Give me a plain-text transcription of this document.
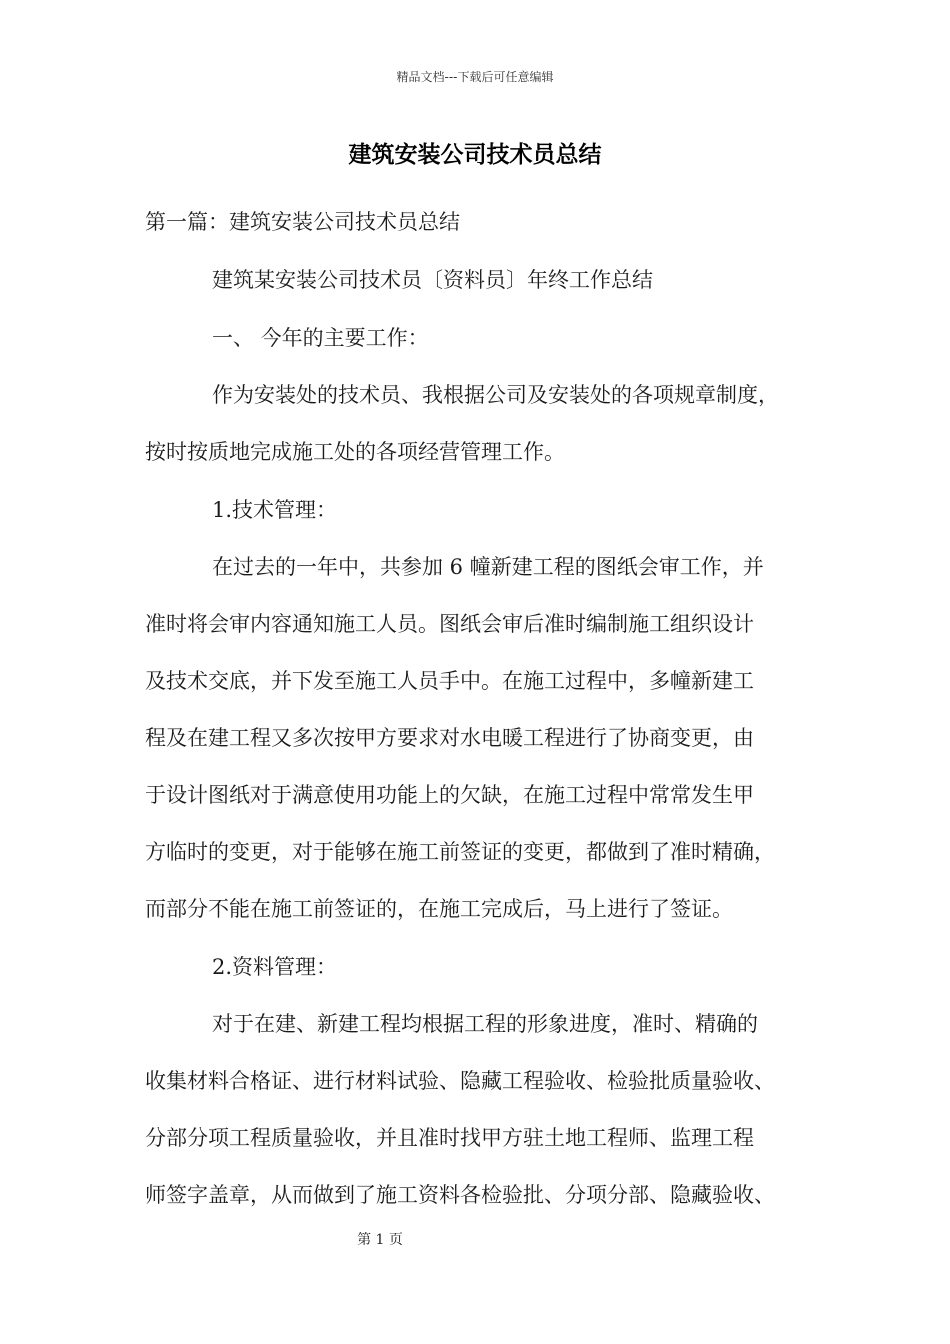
精品文档---下载后可任意编辑
建筑安装公司技术员总结
第一篇：建筑安装公司技术员总结
建筑某安装公司技术员〔资料员〕年终工作总结
一、 今年的主要工作：
作为安装处的技术员、我根据公司及安装处的各项规章制度，
按时按质地完成施工处的各项经营管理工作。
1.技术管理：
在过去的一年中，共参加 6 幢新建工程的图纸会审工作，并
准时将会审内容通知施工人员。图纸会审后准时编制施工组织设计
及技术交底，并下发至施工人员手中。在施工过程中，多幢新建工
程及在建工程又多次按甲方要求对水电暖工程进行了协商变更，由
于设计图纸对于满意使用功能上的欠缺，在施工过程中常常发生甲
方临时的变更，对于能够在施工前签证的变更，都做到了准时精确，
而部分不能在施工前签证的，在施工完成后，马上进行了签证。
2.资料管理：
对于在建、新建工程均根据工程的形象进度，准时、精确的
收集材料合格证、进行材料试验、隐藏工程验收、检验批质量验收、
分部分项工程质量验收，并且准时找甲方驻土地工程师、监理工程
师签字盖章，从而做到了施工资料各检验批、分项分部、隐藏验收、
第 1 页
